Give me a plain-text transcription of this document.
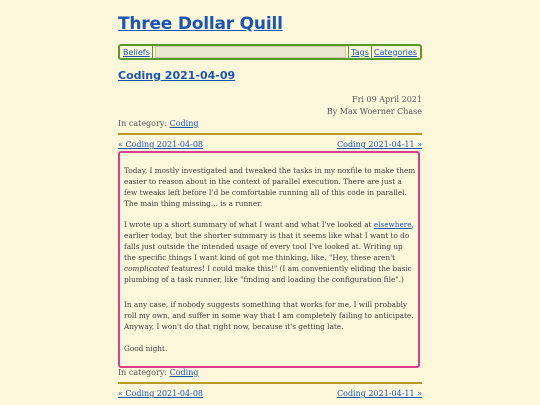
Three Dollar Quill
Beliefs	Tags Categories
Coding 2021-04-09
Fri 09 April 2021
By Max Woerner Chase
In category: Coding
« Coding 2021-04-08	Coding 2021-04-11 »

Today, I mostly investigated and tweaked the tasks in my noxfile to make them easier to reason about in the context of parallel execution. There are just a few tweaks left before I'd be comfortable running all of this code in parallel. The main thing missing... is a runner.

I wrote up a short summary of what I want and what I've looked at elsewhere, earlier today, but the shorter summary is that it seems like what I want to do falls just outside the intended usage of every tool I've looked at. Writing up the specific things I want kind of got me thinking, like, "Hey, these aren't complicated features! I could make this!" (I am conveniently eliding the basic plumbing of a task runner, like "finding and loading the configuration file".)

In any case, if nobody suggests something that works for me, I will probably roll my own, and suffer in some way that I am completely failing to anticipate. Anyway, I won't do that right now, because it's getting late.

Good night.

In category: Coding
« Coding 2021-04-08	Coding 2021-04-11 »
